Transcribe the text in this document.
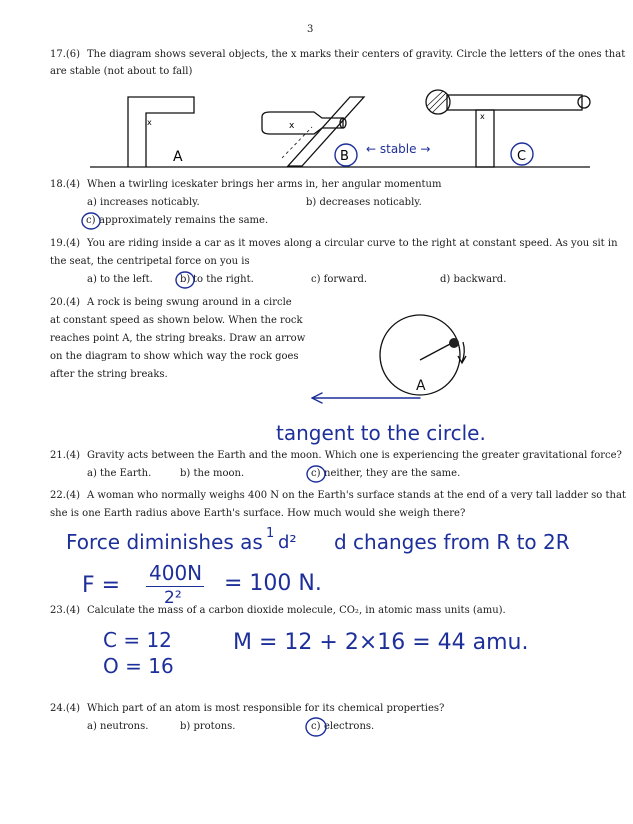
3
17.(6) The diagram shows several objects, the x marks their centers of gravity. Circle the letters of the ones that
are stable (not about to fall)
x
A
x
B
x
C
← stable →
18.(4) When a twirling iceskater brings her arms in, her angular momentum
a) increases noticably.	b) decreases noticably.
c) approximately remains the same.
19.(4) You are riding inside a car as it moves along a circular curve to the right at constant speed. As you sit in
the seat, the centripetal force on you is
a) to the left.	b) to the right.	c) forward.	d) backward.
20.(4) A rock is being swung around in a circle
at constant speed as shown below. When the rock
reaches point A, the string breaks. Draw an arrow
on the diagram to show which way the rock goes
after the string breaks.
A
tangent to the circle.
21.(4) Gravity acts between the Earth and the moon. Which one is experiencing the greater gravitational force?
a) the Earth.	b) the moon.	c) neither, they are the same.
22.(4) A woman who normally weighs 400 N on the Earth's surface stands at the end of a very tall ladder so that
she is one Earth radius above Earth's surface. How much would she weigh there?
Force diminishes as 1 d² d changes from R to 2R
F = 400N
2²
= 100 N.
23.(4) Calculate the mass of a carbon dioxide molecule, CO₂, in atomic mass units (amu).
C = 12
O = 16
M = 12 + 2×16 = 44 amu.
24.(4) Which part of an atom is most responsible for its chemical properties?
a) neutrons.	b) protons.	c) electrons.
